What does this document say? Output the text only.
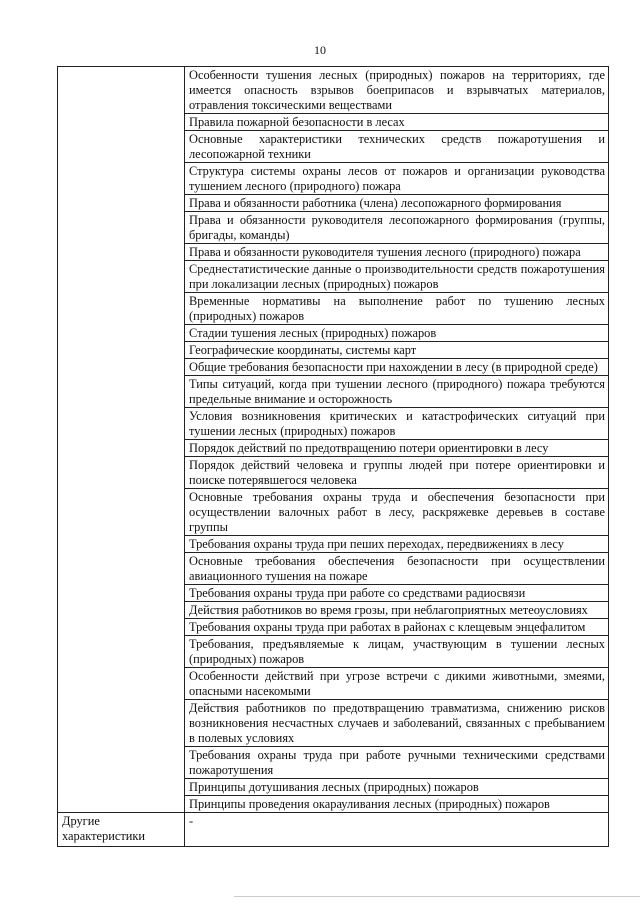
10
	Особенности тушения лесных (природных) пожаров на территориях, где имеется опасность взрывов боеприпасов и взрывчатых материалов, отравления токсическими веществами
	Правила пожарной безопасности в лесах
	Основные характеристики технических средств пожаротушения и лесопожарной техники
	Структура системы охраны лесов от пожаров и организации руководства тушением лесного (природного) пожара
	Права и обязанности работника (члена) лесопожарного формирования
	Права и обязанности руководителя лесопожарного формирования (группы, бригады, команды)
	Права и обязанности руководителя тушения лесного (природного) пожара
	Среднестатистические данные о производительности средств пожаротушения при локализации лесных (природных) пожаров
	Временные нормативы на выполнение работ по тушению лесных (природных) пожаров
	Стадии тушения лесных (природных) пожаров
	Географические координаты, системы карт
	Общие требования безопасности при нахождении в лесу (в природной среде)
	Типы ситуаций, когда при тушении лесного (природного) пожара требуются предельные внимание и осторожность
	Условия возникновения критических и катастрофических ситуаций при тушении лесных (природных) пожаров
	Порядок действий по предотвращению потери ориентировки в лесу
	Порядок действий человека и группы людей при потере ориентировки и поиске потерявшегося человека
	Основные требования охраны труда и обеспечения безопасности при осуществлении валочных работ в лесу, раскряжевке деревьев в составе группы
	Требования охраны труда при пеших переходах, передвижениях в лесу
	Основные требования обеспечения безопасности при осуществлении авиационного тушения на пожаре
	Требования охраны труда при работе со средствами радиосвязи
	Действия работников во время грозы, при неблагоприятных метеоусловиях
	Требования охраны труда при работах в районах с клещевым энцефалитом
	Требования, предъявляемые к лицам, участвующим в тушении лесных (природных) пожаров
	Особенности действий при угрозе встречи с дикими животными, змеями, опасными насекомыми
	Действия работников по предотвращению травматизма, снижению рисков возникновения несчастных случаев и заболеваний, связанных с пребыванием в полевых условиях
	Требования охраны труда при работе ручными техническими средствами пожаротушения
	Принципы дотушивания лесных (природных) пожаров
	Принципы проведения окарауливания лесных (природных) пожаров
Другие характеристики	-
